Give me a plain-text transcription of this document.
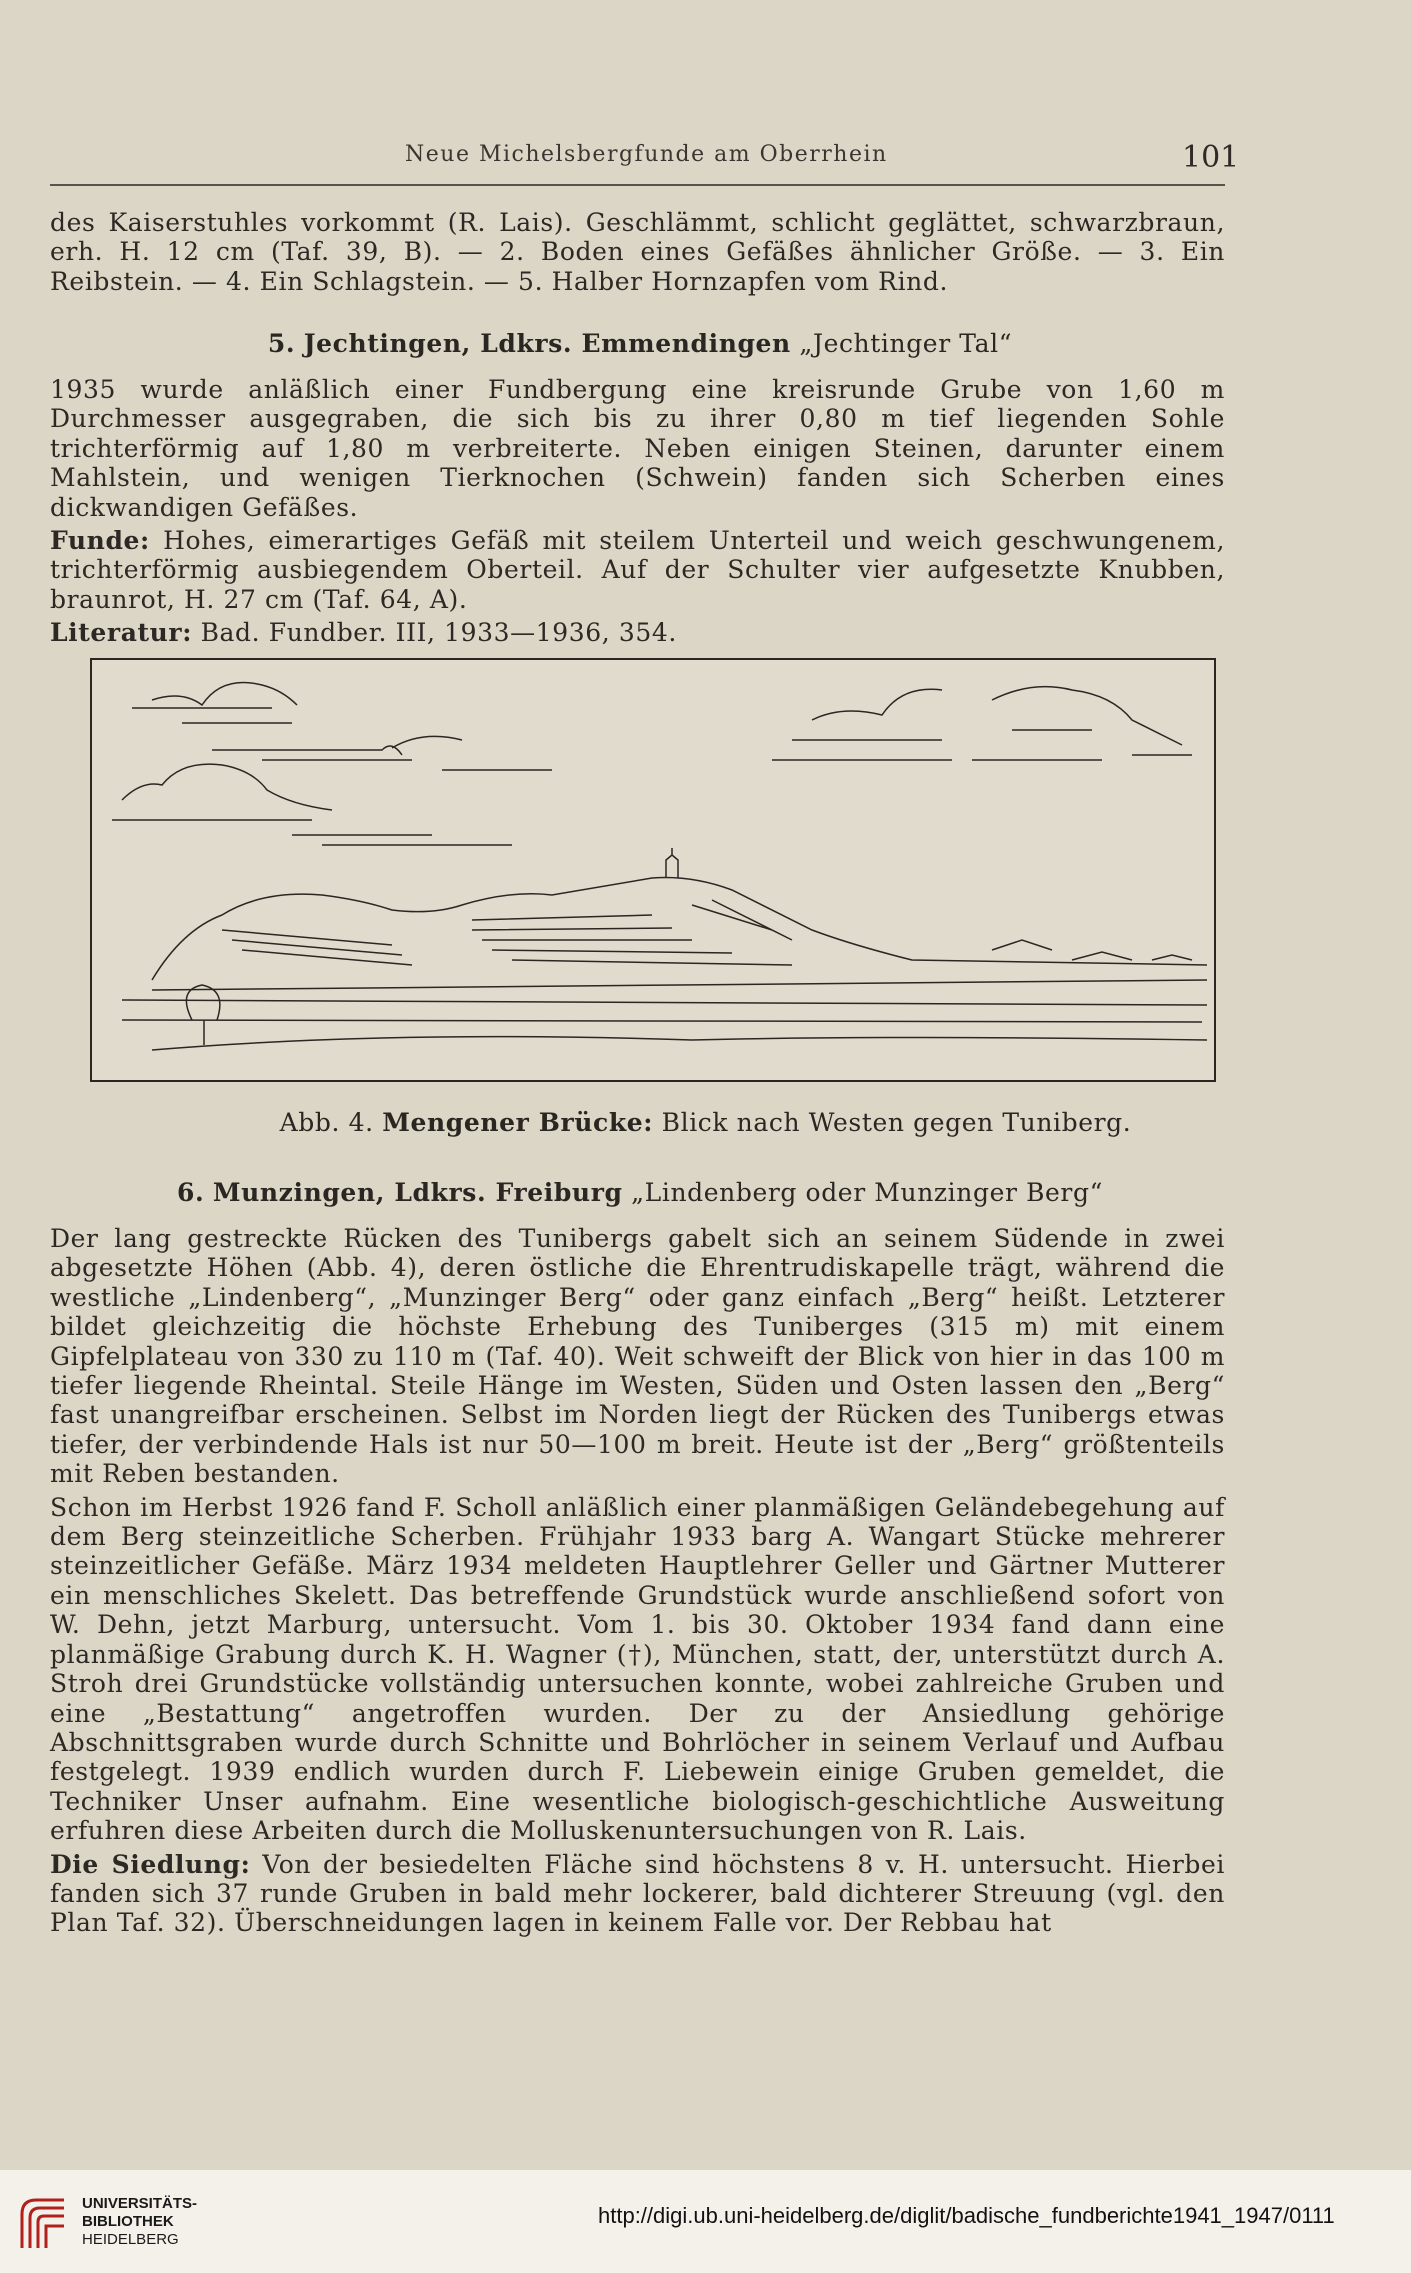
Neue Michelsbergfunde am Oberrhein	101

des Kaiserstuhles vorkommt (R. Lais). Geschlämmt, schlicht geglättet, schwarzbraun, erh. H. 12 cm (Taf. 39, B). — 2. Boden eines Gefäßes ähnlicher Größe. — 3. Ein Reibstein. — 4. Ein Schlagstein. — 5. Halber Hornzapfen vom Rind.

5. Jechtingen, Ldkrs. Emmendingen „Jechtinger Tal“

1935 wurde anläßlich einer Fundbergung eine kreisrunde Grube von 1,60 m Durchmesser ausgegraben, die sich bis zu ihrer 0,80 m tief liegenden Sohle trichterförmig auf 1,80 m verbreiterte. Neben einigen Steinen, darunter einem Mahlstein, und wenigen Tierknochen (Schwein) fanden sich Scherben eines dickwandigen Gefäßes.

Funde: Hohes, eimerartiges Gefäß mit steilem Unterteil und weich geschwungenem, trichterförmig ausbiegendem Oberteil. Auf der Schulter vier aufgesetzte Knubben, braunrot, H. 27 cm (Taf. 64, A).

Literatur: Bad. Fundber. III, 1933—1936, 354.

Abb. 4. Mengener Brücke: Blick nach Westen gegen Tuniberg.
6. Munzingen, Ldkrs. Freiburg „Lindenberg oder Munzinger Berg“

Der lang gestreckte Rücken des Tunibergs gabelt sich an seinem Südende in zwei abgesetzte Höhen (Abb. 4), deren östliche die Ehrentrudiskapelle trägt, während die westliche „Lindenberg“, „Munzinger Berg“ oder ganz einfach „Berg“ heißt. Letzterer bildet gleichzeitig die höchste Erhebung des Tuniberges (315 m) mit einem Gipfelplateau von 330 zu 110 m (Taf. 40). Weit schweift der Blick von hier in das 100 m tiefer liegende Rheintal. Steile Hänge im Westen, Süden und Osten lassen den „Berg“ fast unangreifbar erscheinen. Selbst im Norden liegt der Rücken des Tunibergs etwas tiefer, der verbindende Hals ist nur 50—100 m breit. Heute ist der „Berg“ größtenteils mit Reben bestanden.

Schon im Herbst 1926 fand F. Scholl anläßlich einer planmäßigen Geländebegehung auf dem Berg steinzeitliche Scherben. Frühjahr 1933 barg A. Wangart Stücke mehrerer steinzeitlicher Gefäße. März 1934 meldeten Hauptlehrer Geller und Gärtner Mutterer ein menschliches Skelett. Das betreffende Grundstück wurde anschließend sofort von W. Dehn, jetzt Marburg, untersucht. Vom 1. bis 30. Oktober 1934 fand dann eine planmäßige Grabung durch K. H. Wagner (†), München, statt, der, unterstützt durch A. Stroh drei Grundstücke vollständig untersuchen konnte, wobei zahlreiche Gruben und eine „Bestattung“ angetroffen wurden. Der zu der Ansiedlung gehörige Abschnittsgraben wurde durch Schnitte und Bohrlöcher in seinem Verlauf und Aufbau festgelegt. 1939 endlich wurden durch F. Liebewein einige Gruben gemeldet, die Techniker Unser aufnahm. Eine wesentliche biologisch-geschichtliche Ausweitung erfuhren diese Arbeiten durch die Molluskenuntersuchungen von R. Lais.

Die Siedlung: Von der besiedelten Fläche sind höchstens 8 v. H. untersucht. Hierbei fanden sich 37 runde Gruben in bald mehr lockerer, bald dichterer Streuung (vgl. den Plan Taf. 32). Überschneidungen lagen in keinem Falle vor. Der Rebbau hat

UNIVERSITÄTS-
BIBLIOTHEK
HEIDELBERG
http://digi.ub.uni-heidelberg.de/diglit/badische_fundberichte1941_1947/0111
